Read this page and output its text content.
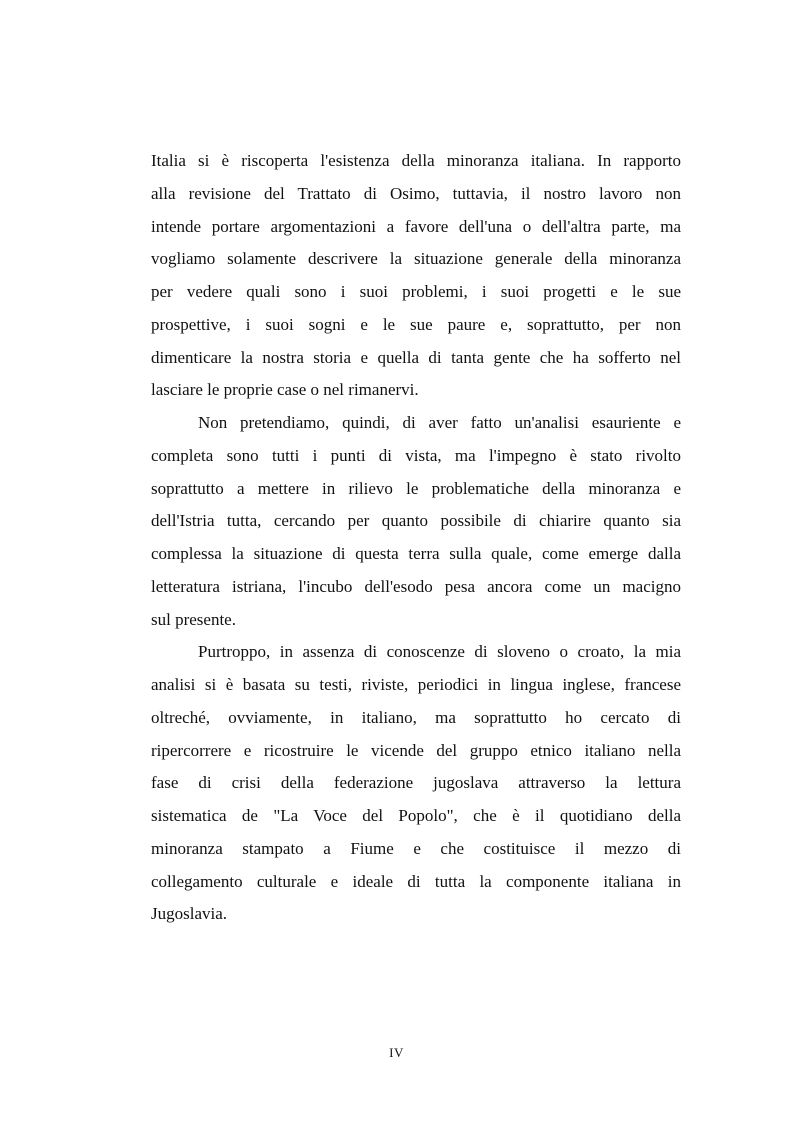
Italia si è riscoperta l'esistenza della minoranza italiana. In rapporto
alla revisione del Trattato di Osimo, tuttavia, il nostro lavoro non
intende portare argomentazioni a favore dell'una o dell'altra parte, ma
vogliamo solamente descrivere la situazione generale della minoranza
per vedere quali sono i suoi problemi, i suoi progetti e le sue
prospettive, i suoi sogni e le sue paure e, soprattutto, per non
dimenticare la nostra storia e quella di tanta gente che ha sofferto nel
lasciare le proprie case o nel rimanervi.

Non pretendiamo, quindi, di aver fatto un'analisi esauriente e
completa sono tutti i punti di vista, ma l'impegno è stato rivolto
soprattutto a mettere in rilievo le problematiche della minoranza e
dell'Istria tutta, cercando per quanto possibile di chiarire quanto sia
complessa la situazione di questa terra sulla quale, come emerge dalla
letteratura istriana, l'incubo dell'esodo pesa ancora come un macigno
sul presente.

Purtroppo, in assenza di conoscenze di sloveno o croato, la mia
analisi si è basata su testi, riviste, periodici in lingua inglese, francese
oltreché, ovviamente, in italiano, ma soprattutto ho cercato di
ripercorrere e ricostruire le vicende del gruppo etnico italiano nella
fase di crisi della federazione jugoslava attraverso la lettura
sistematica de "La Voce del Popolo", che è il quotidiano della
minoranza stampato a Fiume e che costituisce il mezzo di
collegamento culturale e ideale di tutta la componente italiana in
Jugoslavia.

IV
